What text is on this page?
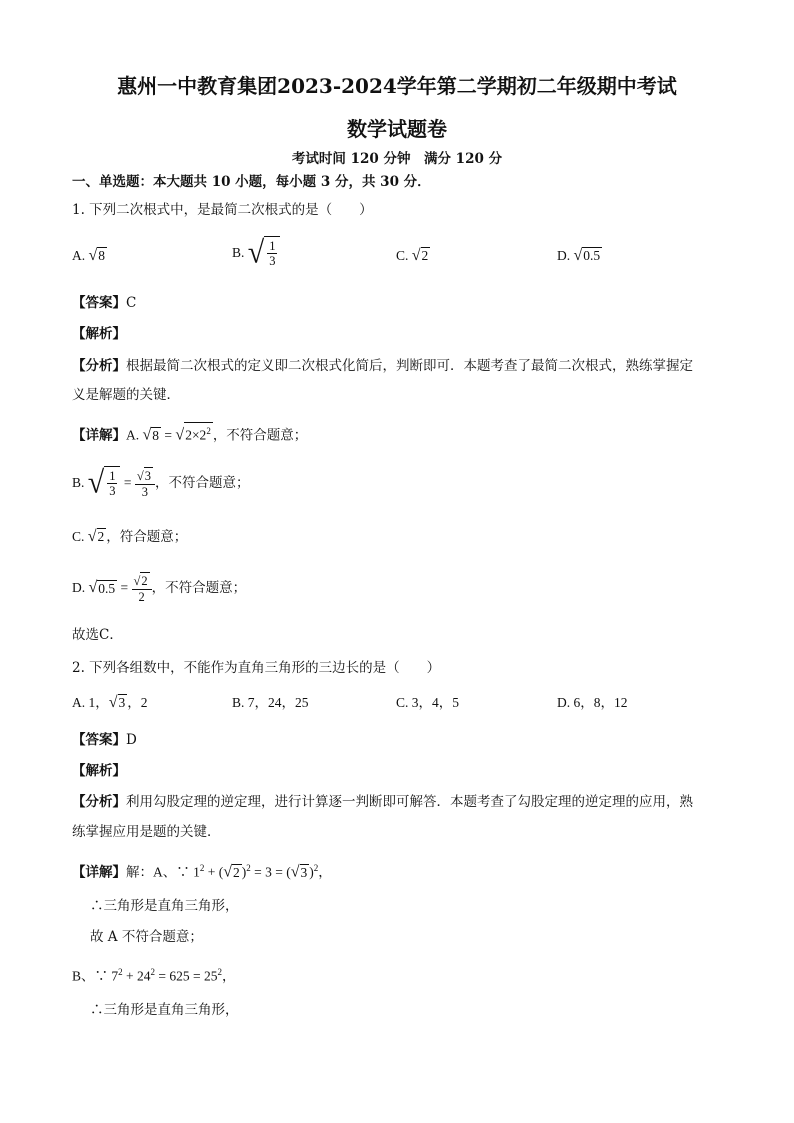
惠州一中教育集团2023-2024学年第二学期初二年级期中考试
数学试题卷
考试时间 120 分钟　满分 120 分
一、单选题：本大题共 10 小题，每小题 3 分，共 30 分．
1. 下列二次根式中，是最简二次根式的是（　　）
A. √8	B. √ $\frac{1}{3}$	C. √2	D. √0.5
【答案】C
【解析】
【分析】根据最简二次根式的定义即二次根式化简后，判断即可．本题考查了最简二次根式，熟练掌握定
义是解题的关键．
【详解】A. $√8 = √2\times 2^2$ ，不符合题意；
B. √ $\frac{1}{3} = \frac{√3}{3}$ ，不符合题意；
C. √2 ，符合题意；
D. $√0.5 = \frac{√2}{2}$ ，不符合题意；
故选C．
2. 下列各组数中，不能作为直角三角形的三边长的是（　　）
A. 1，√3 ，2	B. 7，24，25	C. 3，4，5	D. 6，8，12
【答案】D
【解析】
【分析】利用勾股定理的逆定理，进行计算逐一判断即可解答．本题考查了勾股定理的逆定理的应用，熟
练掌握应用是题的关键．
【详解】解：A、∵ $1^2 + (√2$ )$^2$ = 3 = (√3 )$^2$，
∴三角形是直角三角形，
故 A 不符合题意；
B、∵ $7^2 + 24^2 = 625 = 25^2$，
∴三角形是直角三角形，
